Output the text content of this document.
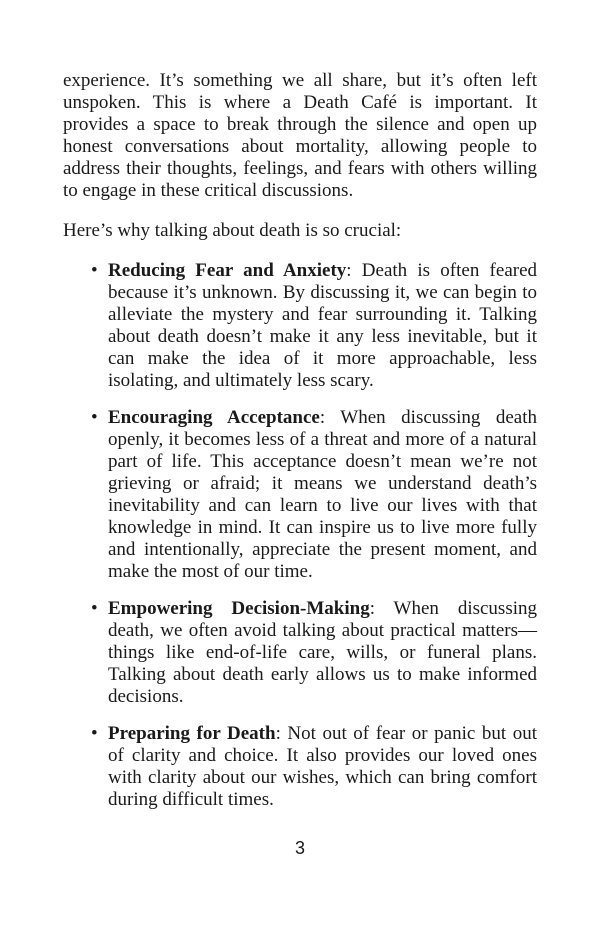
experience. It’s something we all share, but it’s often left unspoken. This is where a Death Café is important. It provides a space to break through the silence and open up honest conversations about mortality, allowing people to address their thoughts, feelings, and fears with others willing to engage in these critical discussions.

Here’s why talking about death is so crucial:

• Reducing Fear and Anxiety: Death is often feared because it’s unknown. By discussing it, we can begin to alleviate the mystery and fear surrounding it. Talking about death doesn’t make it any less inevitable, but it can make the idea of it more approachable, less isolating, and ultimately less scary.
• Encouraging Acceptance: When discussing death openly, it becomes less of a threat and more of a natural part of life. This acceptance doesn’t mean we’re not grieving or afraid; it means we understand death’s inevitability and can learn to live our lives with that knowledge in mind. It can inspire us to live more fully and intentionally, appreciate the present moment, and make the most of our time.
• Empowering Decision-Making: When discussing death, we often avoid talking about practical matters—things like end-of-life care, wills, or funeral plans. Talking about death early allows us to make informed decisions.
• Preparing for Death: Not out of fear or panic but out of clarity and choice. It also provides our loved ones with clarity about our wishes, which can bring comfort during difficult times.
3
